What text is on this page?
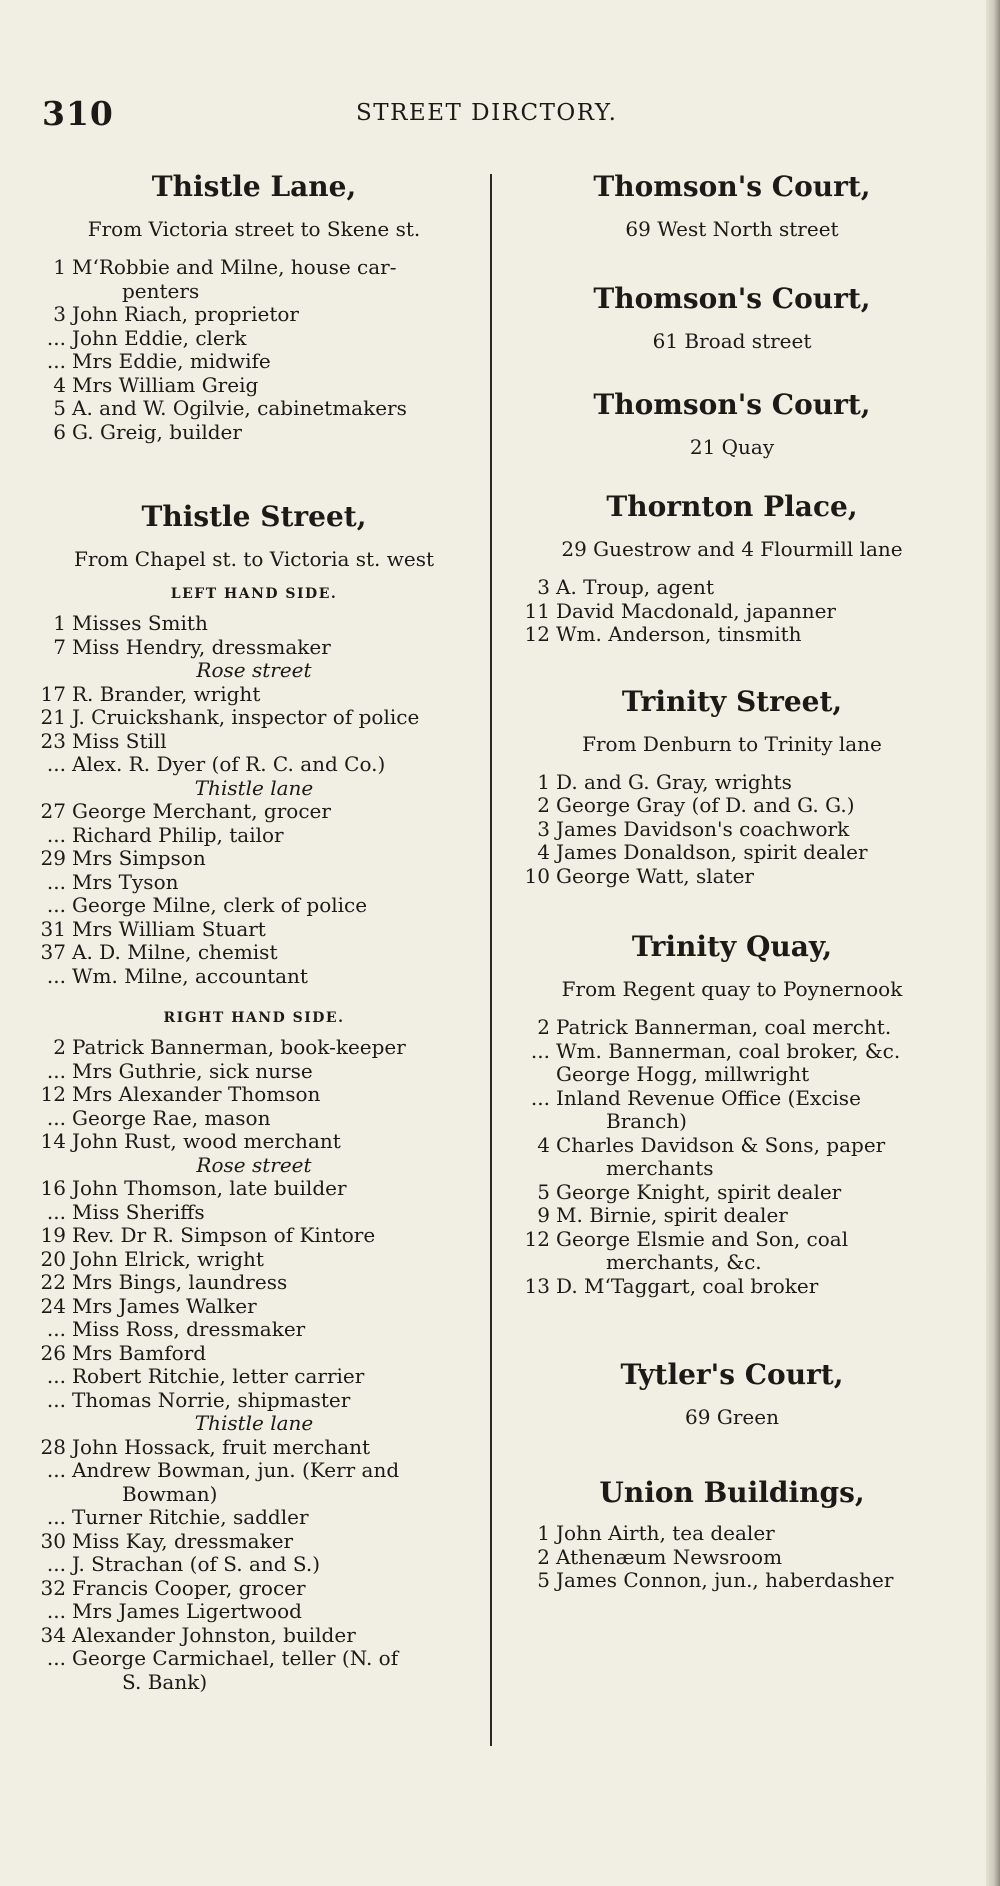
310	STREET DIRCTORY.
Thistle Lane,
From Victoria street to Skene st.
1 M‘Robbie and Milne, house car-
penters
3 John Riach, proprietor
... John Eddie, clerk
... Mrs Eddie, midwife
4 Mrs William Greig
5 A. and W. Ogilvie, cabinetmakers
6 G. Greig, builder
Thistle Street,
From Chapel st. to Victoria st. west
LEFT HAND SIDE.
1 Misses Smith
7 Miss Hendry, dressmaker
Rose street
17 R. Brander, wright
21 J. Cruickshank, inspector of police
23 Miss Still
... Alex. R. Dyer (of R. C. and Co.)
Thistle lane
27 George Merchant, grocer
... Richard Philip, tailor
29 Mrs Simpson
... Mrs Tyson
... George Milne, clerk of police
31 Mrs William Stuart
37 A. D. Milne, chemist
... Wm. Milne, accountant
RIGHT HAND SIDE.
2 Patrick Bannerman, book-keeper
... Mrs Guthrie, sick nurse
12 Mrs Alexander Thomson
... George Rae, mason
14 John Rust, wood merchant
Rose street
16 John Thomson, late builder
... Miss Sheriffs
19 Rev. Dr R. Simpson of Kintore
20 John Elrick, wright
22 Mrs Bings, laundress
24 Mrs James Walker
... Miss Ross, dressmaker
26 Mrs Bamford
... Robert Ritchie, letter carrier
... Thomas Norrie, shipmaster
Thistle lane
28 John Hossack, fruit merchant
... Andrew Bowman, jun. (Kerr and
Bowman)
... Turner Ritchie, saddler
30 Miss Kay, dressmaker
... J. Strachan (of S. and S.)
32 Francis Cooper, grocer
... Mrs James Ligertwood
34 Alexander Johnston, builder
... George Carmichael, teller (N. of
S. Bank)
Thomson's Court,
69 West North street
Thomson's Court,
61 Broad street
Thomson's Court,
21 Quay
Thornton Place,
29 Guestrow and 4 Flourmill lane
3 A. Troup, agent
11 David Macdonald, japanner
12 Wm. Anderson, tinsmith
Trinity Street,
From Denburn to Trinity lane
1 D. and G. Gray, wrights
2 George Gray (of D. and G. G.)
3 James Davidson's coachwork
4 James Donaldson, spirit dealer
10 George Watt, slater
Trinity Quay,
From Regent quay to Poynernook
2 Patrick Bannerman, coal mercht.
... Wm. Bannerman, coal broker, &c.
George Hogg, millwright
... Inland Revenue Office (Excise
Branch)
4 Charles Davidson & Sons, paper
merchants
5 George Knight, spirit dealer
9 M. Birnie, spirit dealer
12 George Elsmie and Son, coal
merchants, &c.
13 D. M‘Taggart, coal broker
Tytler's Court,
69 Green
Union Buildings,
1 John Airth, tea dealer
2 Athenæum Newsroom
5 James Connon, jun., haberdasher
